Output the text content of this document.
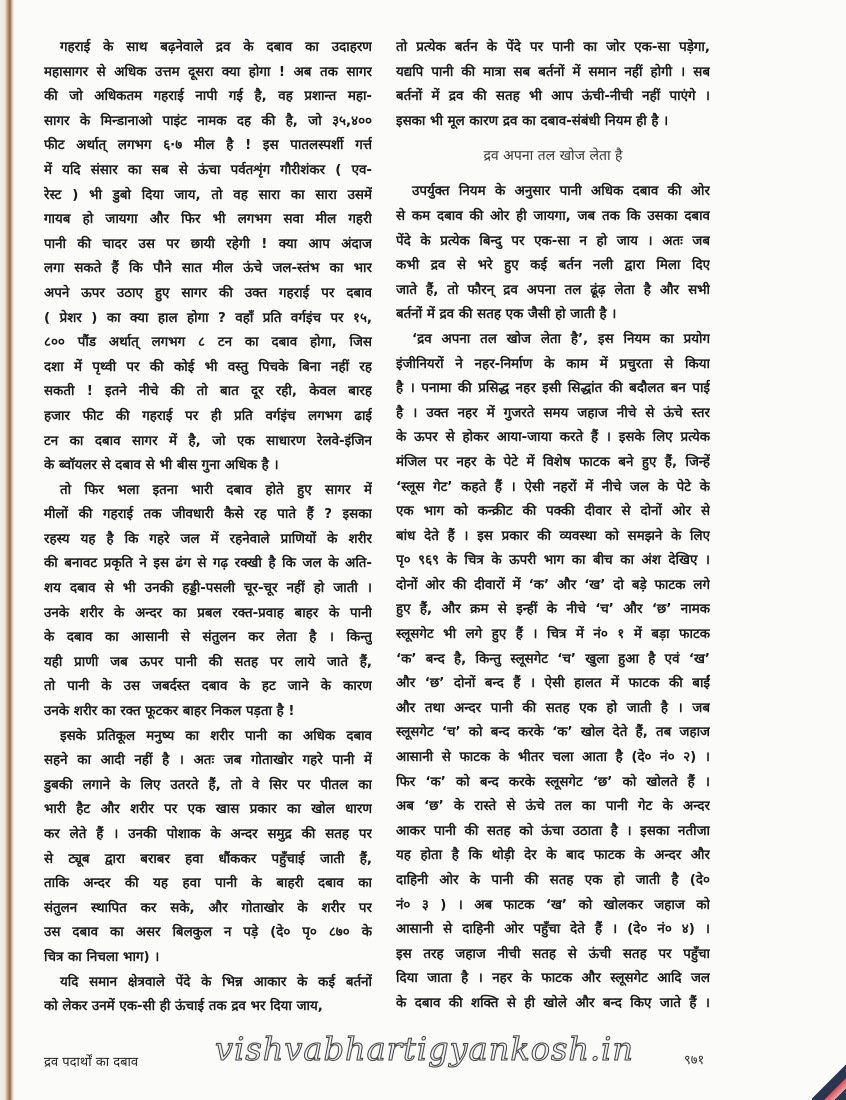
गहराई के साथ बढ़नेवाले द्रव के दबाव का उदाहरण
महासागर से अधिक उत्तम दूसरा क्या होगा ! अब तक सागर
की जो अधिकतम गहराई नापी गई है, वह प्रशान्त महा-
सागर के मिन्डानाओ पाइंट नामक दह की है, जो ३५,४००
फीट अर्थात् लगभग ६·७ मील है ! इस पातलस्पर्शी गर्त्त
में यदि संसार का सब से ऊंचा पर्वतशृंग गौरीशंकर ( एव-
रेस्ट ) भी डुबो दिया जाय, तो वह सारा का सारा उसमें
गायब हो जायगा और फिर भी लगभग सवा मील गहरी
पानी की चादर उस पर छायी रहेगी ! क्या आप अंदाज
लगा सकते हैं कि पौने सात मील ऊंचे जल-स्तंभ का भार
अपने ऊपर उठाए हुए सागर की उक्त गहराई पर दबाव
( प्रेशर ) का क्या हाल होगा ? वहाँ प्रति वर्गइंच पर १५,
८०० पौंड अर्थात् लगभग ८ टन का दबाव होगा, जिस
दशा में पृथ्वी पर की कोई भी वस्तु पिचके बिना नहीं रह
सकती ! इतने नीचे की तो बात दूर रही, केवल बारह
हजार फीट की गहराई पर ही प्रति वर्गइंच लगभग ढाई
टन का दबाव सागर में है, जो एक साधारण रेलवे-इंजिन
के ब्वॉयलर से दबाव से भी बीस गुना अधिक है ।
तो फिर भला इतना भारी दबाव होते हुए सागर में
मीलों की गहराई तक जीवधारी कैसे रह पाते हैं ? इसका
रहस्य यह है कि गहरे जल में रहनेवाले प्राणियों के शरीर
की बनावट प्रकृति ने इस ढंग से गढ़ रक्खी है कि जल के अति-
शय दबाव से भी उनकी हड्डी-पसली चूर-चूर नहीं हो जाती ।
उनके शरीर के अन्दर का प्रबल रक्त-प्रवाह बाहर के पानी
के दबाव का आसानी से संतुलन कर लेता है । किन्तु
यही प्राणी जब ऊपर पानी की सतह पर लाये जाते हैं,
तो पानी के उस जबर्दस्त दबाव के हट जाने के कारण
उनके शरीर का रक्त फूटकर बाहर निकल पड़ता है !
इसके प्रतिकूल मनुष्य का शरीर पानी का अधिक दबाव
सहने का आदी नहीं है । अतः जब गोताखोर गहरे पानी में
डुबकी लगाने के लिए उतरते हैं, तो वे सिर पर पीतल का
भारी हैट और शरीर पर एक खास प्रकार का खोल धारण
कर लेते हैं । उनकी पोशाक के अन्दर समुद्र की सतह पर
से ट्यूब द्वारा बराबर हवा धौंककर पहुँचाई जाती हैं,
ताकि अन्दर की यह हवा पानी के बाहरी दबाव का
संतुलन स्थापित कर सके, और गोताखोर के शरीर पर
उस दबाव का असर बिलकुल न पड़े (दे० पृ० ८७० के
चित्र का निचला भाग) ।
यदि समान क्षेत्रवाले पेंदे के भिन्न आकार के कई बर्तनों
को लेकर उनमें एक-सी ही ऊंचाई तक द्रव भर दिया जाय,
तो प्रत्येक बर्तन के पेंदे पर पानी का जोर एक-सा पड़ेगा,
यद्यपि पानी की मात्रा सब बर्तनों में समान नहीं होगी । सब
बर्तनों में द्रव की सतह भी आप ऊंची-नीची नहीं पाएंगे ।
इसका भी मूल कारण द्रव का दबाव-संबंधी नियम ही है ।
द्रव अपना तल खोज लेता है
उपर्युक्त नियम के अनुसार पानी अधिक दबाव की ओर
से कम दबाव की ओर ही जायगा, जब तक कि उसका दबाव
पेंदे के प्रत्येक बिन्दु पर एक-सा न हो जाय । अतः जब
कभी द्रव से भरे हुए कई बर्तन नली द्वारा मिला दिए
जाते हैं, तो फौरन् द्रव अपना तल ढूंढ़ लेता है और सभी
बर्तनों में द्रव की सतह एक जैसी हो जाती है ।
‘द्रव अपना तल खोज लेता है’, इस नियम का प्रयोग
इंजीनियरों ने नहर-निर्माण के काम में प्रचुरता से किया
है । पनामा की प्रसिद्ध नहर इसी सिद्धांत की बदौलत बन पाई
है । उक्त नहर में गुजरते समय जहाज नीचे से ऊंचे स्तर
के ऊपर से होकर आया-जाया करते हैं । इसके लिए प्रत्येक
मंजिल पर नहर के पेटे में विशेष फाटक बने हुए हैं, जिन्हें
‘स्लूस गेट’ कहते हैं । ऐसी नहरों में नीचे जल के पेटे के
एक भाग को कन्क्रीट की पक्की दीवार से दोनों ओर से
बांध देते हैं । इस प्रकार की व्यवस्था को समझने के लिए
पृ० ९६९ के चित्र के ऊपरी भाग का बीच का अंश देखिए ।
दोनों ओर की दीवारों में ‘क’ और ‘ख’ दो बड़े फाटक लगे
हुए हैं, और क्रम से इन्हीं के नीचे ‘च’ और ‘छ’ नामक
स्लूसगेट भी लगे हुए हैं । चित्र में नं० १ में बड़ा फाटक
‘क’ बन्द है, किन्तु स्लूसगेट ‘च’ खुला हुआ है एवं ‘ख’
और ‘छ’ दोनों बन्द हैं । ऐसी हालत में फाटक की बाईं
और तथा अन्दर पानी की सतह एक हो जाती है । जब
स्लूसगेट ‘च’ को बन्द करके ‘क’ खोल देते हैं, तब जहाज
आसानी से फाटक के भीतर चला आता है (दे० नं० २) ।
फिर ‘क’ को बन्द करके स्लूसगेट ‘छ’ को खोलते हैं ।
अब ‘छ’ के रास्ते से ऊंचे तल का पानी गेट के अन्दर
आकर पानी की सतह को ऊंचा उठाता है । इसका नतीजा
यह होता है कि थोड़ी देर के बाद फाटक के अन्दर और
दाहिनी ओर के पानी की सतह एक हो जाती है (दे०
नं० ३ ) । अब फाटक ‘ख’ को खोलकर जहाज को
आसानी से दाहिनी ओर पहुँचा देते हैं । (दे० नं० ४) ।
इस तरह जहाज नीची सतह से ऊंची सतह पर पहुँचा
दिया जाता है । नहर के फाटक और स्लूसगेट आदि जल
के दबाव की शक्ति से ही खोले और बन्द किए जाते हैं ।
vishvabhartigyankosh.in
द्रव पदार्थों का दबाव	९७१
